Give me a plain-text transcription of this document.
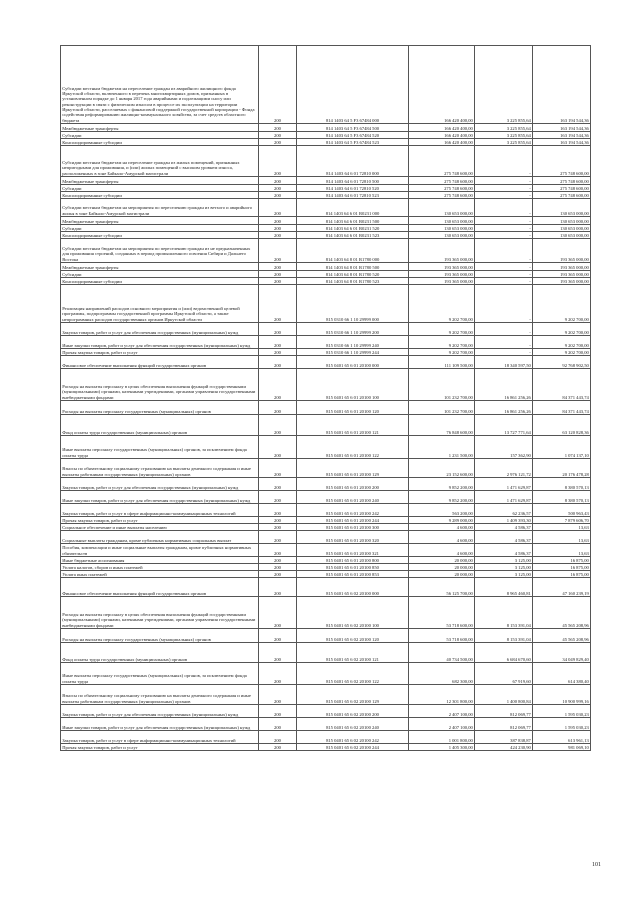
Субсидии местным бюджетам на переселение граждан из аварийного жилищного фонда Иркутской области, включенного в перечень многоквартирных домов, признанных в установленном порядке до 1 января 2017 года аварийными и подлежащими сносу или реконструкции в связи с физическим износом в процессе их эксплуатации на территории Иркутской области, расселяемых с финансовой поддержкой государственной корпорации - Фонда содействия реформированию жилищно-коммунального хозяйства, за счет средств областного бюджета	200	814 1403 64 5 F3 67484 000	166 420 400,00	3 225 855,64	163 194 544,36
Межбюджетные трансферты	200	814 1403 64 5 F3 67484 500	166 420 400,00	3 225 855,64	163 194 544,36
Субсидии	200	814 1403 64 5 F3 67484 520	166 420 400,00	3 225 855,64	163 194 544,36
Консолидированные субсидии	200	814 1403 64 5 F3 67484 523	166 420 400,00	3 225 855,64	163 194 544,36
Субсидии местным бюджетам на переселение граждан из жилых помещений, признанных непригодными для проживания, и (или) жилых помещений с высоким уровнем износа, расположенных в зоне Байкало-Амурской магистрали	200	814 1403 64 6 01 72810 000	275 748 600,00	-	275 748 600,00
Межбюджетные трансферты	200	814 1403 64 6 01 72810 500	275 748 600,00	-	275 748 600,00
Субсидии	200	814 1403 64 6 01 72810 520	275 748 600,00	-	275 748 600,00
Консолидированные субсидии	200	814 1403 64 6 01 72810 523	275 748 600,00	-	275 748 600,00
Субсидии местным бюджетам на мероприятия по переселению граждан из ветхого и аварийного жилья в зоне Байкало-Амурской магистрали	200	814 1403 64 6 01 R0231 000	130 653 000,00	-	130 653 000,00
Межбюджетные трансферты	200	814 1403 64 6 01 R0231 500	130 653 000,00	-	130 653 000,00
Субсидии	200	814 1403 64 6 01 R0231 520	130 653 000,00	-	130 653 000,00
Консолидированные субсидии	200	814 1403 64 6 01 R0231 523	130 653 000,00	-	130 653 000,00
Субсидии местным бюджетам на мероприятия по переселению граждан из не предназначенных для проживания строений, созданных в период промышленного освоения Сибири и Дальнего Востока	200	814 1403 64 8 01 R1780 000	193 365 000,00	-	193 365 000,00
Межбюджетные трансферты	200	814 1403 64 8 01 R1780 500	193 365 000,00	-	193 365 000,00
Субсидии	200	814 1403 64 8 01 R1780 520	193 365 000,00	-	193 365 000,00
Консолидированные субсидии	200	814 1403 64 8 01 R1780 523	193 365 000,00	-	193 365 000,00
Реализация направлений расходов основного мероприятия и (или) ведомственной целевой программы, подпрограммы государственной программы Иркутской области, а также непрограммных расходов государственных органов Иркутской области	200	815 0310 66 1 10 29999 000	9 202 700,00	-	9 202 700,00
Закупка товаров, работ и услуг для обеспечения государственных (муниципальных) нужд	200	815 0310 66 1 10 29999 200	9 202 700,00	-	9 202 700,00
Иные закупки товаров, работ и услуг для обеспечения государственных (муниципальных) нужд	200	815 0310 66 1 10 29999 240	9 202 700,00	-	9 202 700,00
Прочая закупка товаров, работ и услуг	200	815 0310 66 1 10 29999 244	9 202 700,00	-	9 202 700,00
Финансовое обеспечение выполнения функций государственных органов	200	815 0401 65 6 01 20100 000	111 109 500,00	18 340 597,50	92 768 902,50
Расходы на выплаты персоналу в целях обеспечения выполнения функций государственными (муниципальными) органами, казенными учреждениями, органами управления государственными внебюджетными фондами	200	815 0401 65 6 01 20100 100	101 232 700,00	16 861 256,26	84 371 443,74
Расходы на выплаты персоналу государственных (муниципальных) органов	200	815 0401 65 6 01 20100 120	101 232 700,00	16 861 256,26	84 371 443,74
Фонд оплаты труда государственных (муниципальных) органов	200	815 0401 65 6 01 20100 121	76 848 600,00	13 727 771,64	63 120 828,36
Иные выплаты персоналу государственных (муниципальных) органов, за исключением фонда оплаты труда	200	815 0401 65 6 01 20100 122	1 231 500,00	157 362,90	1 074 137,10
Взносы по обязательному социальному страхованию на выплаты денежного содержания и иные выплаты работникам государственных (муниципальных) органов	200	815 0401 65 6 01 20100 129	23 152 600,00	2 976 121,72	20 176 478,28
Закупка товаров, работ и услуг для обеспечения государственных (муниципальных) нужд	200	815 0401 65 6 01 20100 200	9 852 200,00	1 471 629,87	8 380 570,13
Иные закупки товаров, работ и услуг для обеспечения государственных (муниципальных) нужд	200	815 0401 65 6 01 20100 240	9 852 200,00	1 471 629,87	8 380 570,13
Закупка товаров, работ и услуг в сфере информационно-коммуникационных технологий	200	815 0401 65 6 01 20100 242	563 200,00	62 236,57	500 963,43
Прочая закупка товаров, работ и услуг	200	815 0401 65 6 01 20100 244	9 289 000,00	1 409 393,30	7 879 606,70
Социальное обеспечение и иные выплаты населению	200	815 0401 65 6 01 20100 300	4 600,00	4 586,37	13,63
Социальные выплаты гражданам, кроме публичных нормативных социальных выплат	200	815 0401 65 6 01 20100 320	4 600,00	4 586,37	13,63
Пособия, компенсации и иные социальные выплаты гражданам, кроме публичных нормативных обязательств	200	815 0401 65 6 01 20100 321	4 600,00	4 586,37	13,63
Иные бюджетные ассигнования	200	815 0401 65 6 01 20100 800	20 000,00	3 125,00	16 875,00
Уплата налогов, сборов и иных платежей	200	815 0401 65 6 01 20100 850	20 000,00	3 125,00	16 875,00
Уплата иных платежей	200	815 0401 65 6 01 20100 853	20 000,00	3 125,00	16 875,00
Финансовое обеспечение выполнения функций государственных органов	200	815 0401 65 6 02 20100 000	56 125 700,00	8 965 460,81	47 160 239,19
Расходы на выплаты персоналу в целях обеспечения выполнения функций государственными (муниципальными) органами, казенными учреждениями, органами управления государственными внебюджетными фондами	200	815 0401 65 6 02 20100 100	53 718 600,00	8 153 391,04	45 565 208,96
Расходы на выплаты персоналу государственных (муниципальных) органов	200	815 0401 65 6 02 20100 120	53 718 600,00	8 153 391,04	45 565 208,96
Фонд оплаты труда государственных (муниципальных) органов	200	815 0401 65 6 02 20100 121	40 734 500,00	6 684 670,60	34 049 829,40
Иные выплаты персоналу государственных (муниципальных) органов, за исключением фонда оплаты труда	200	815 0401 65 6 02 20100 122	682 300,00	67 919,60	614 380,40
Взносы по обязательному социальному страхованию на выплаты денежного содержания и иные выплаты работникам государственных (муниципальных) органов	200	815 0401 65 6 02 20100 129	12 301 800,00	1 400 800,84	10 900 999,16
Закупка товаров, работ и услуг для обеспечения государственных (муниципальных) нужд	200	815 0401 65 6 02 20100 200	2 407 100,00	812 069,77	1 595 030,23
Иные закупки товаров, работ и услуг для обеспечения государственных (муниципальных) нужд	200	815 0401 65 6 02 20100 240	2 407 100,00	812 069,77	1 595 030,23
Закупка товаров, работ и услуг в сфере информационно-коммуникационных технологий	200	815 0401 65 6 02 20100 242	1 001 800,00	387 838,87	613 961,13
Прочая закупка товаров, работ и услуг	200	815 0401 65 6 02 20100 244	1 405 300,00	424 230,90	981 069,10
101
